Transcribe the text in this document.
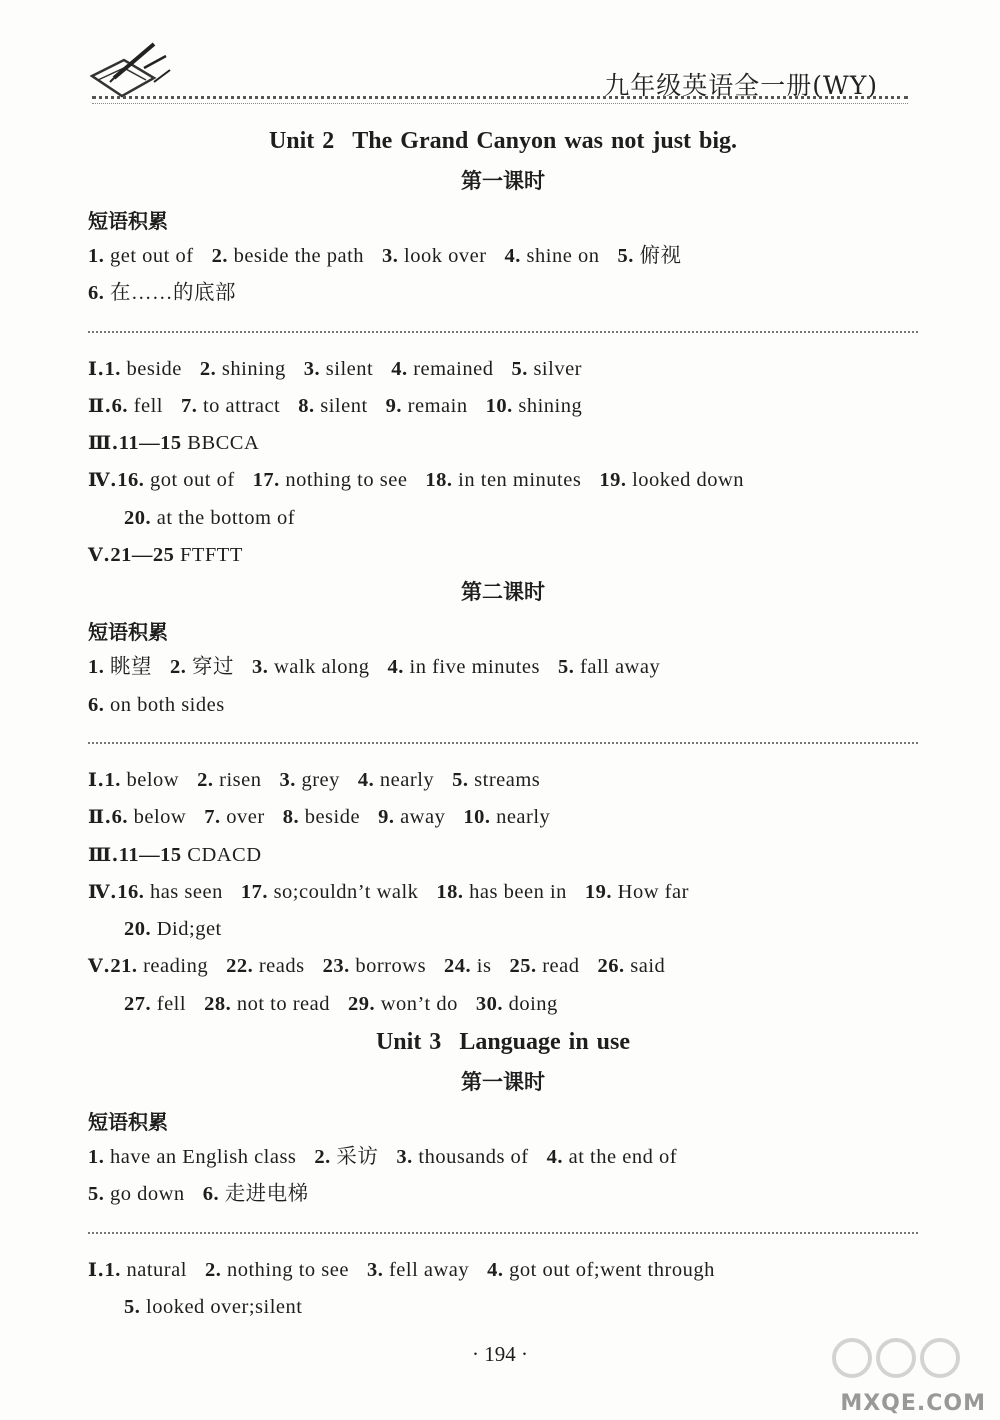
九年级英语全一册(WY)
Unit 2 The Grand Canyon was not just big.
第一课时
短语积累
1. get out of 2. beside the path 3. look over 4. shine on 5. 俯视
6. 在……的底部
Ⅰ.1. beside 2. shining 3. silent 4. remained 5. silver
Ⅱ.6. fell 7. to attract 8. silent 9. remain 10. shining
Ⅲ.11—15 BBCCA
Ⅳ.16. got out of 17. nothing to see 18. in ten minutes 19. looked down
20. at the bottom of
Ⅴ.21—25 FTFTT
第二课时
短语积累
1. 眺望 2. 穿过 3. walk along 4. in five minutes 5. fall away
6. on both sides
Ⅰ.1. below 2. risen 3. grey 4. nearly 5. streams
Ⅱ.6. below 7. over 8. beside 9. away 10. nearly
Ⅲ.11—15 CDACD
Ⅳ.16. has seen 17. so;couldn’t walk 18. has been in 19. How far
20. Did;get
Ⅴ.21. reading 22. reads 23. borrows 24. is 25. read 26. said
27. fell 28. not to read 29. won’t do 30. doing
Unit 3 Language in use
第一课时
短语积累
1. have an English class 2. 采访 3. thousands of 4. at the end of
5. go down 6. 走进电梯
Ⅰ.1. natural 2. nothing to see 3. fell away 4. got out of;went through
5. looked over;silent
· 194 ·
MXQE.COM
